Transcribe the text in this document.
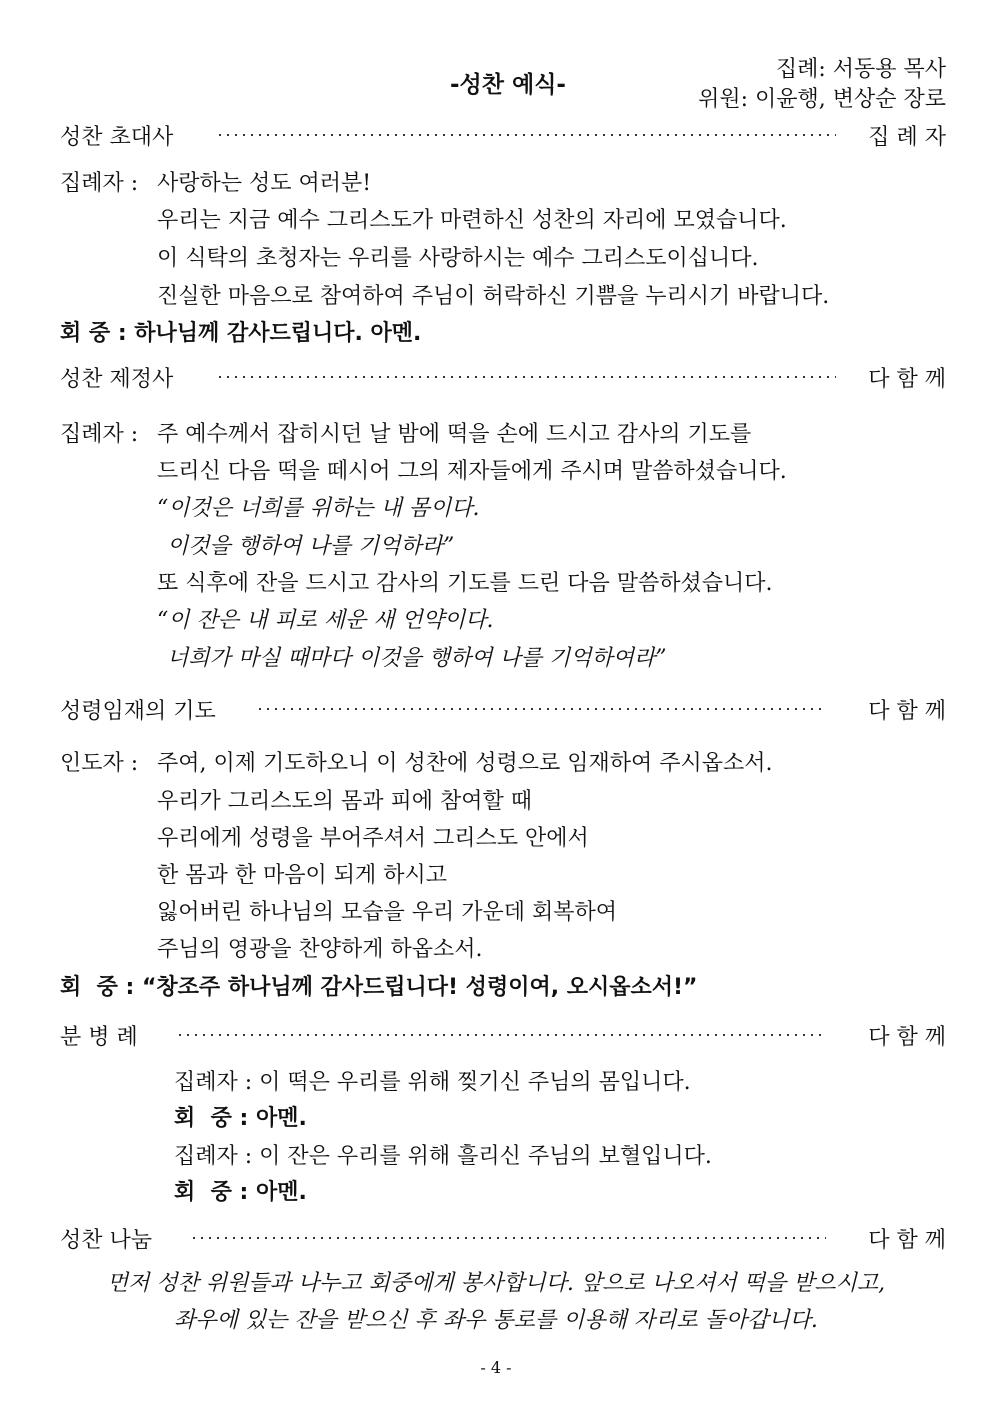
-성찬 예식-
집례: 서동용 목사
위원: 이윤행, 변상순 장로
성찬 초대사	집 례 자
집례자 : 사랑하는 성도 여러분!
우리는 지금 예수 그리스도가 마련하신 성찬의 자리에 모였습니다.
이 식탁의 초청자는 우리를 사랑하시는 예수 그리스도이십니다.
진실한 마음으로 참여하여 주님이 허락하신 기쁨을 누리시기 바랍니다.
회 중 : 하나님께 감사드립니다. 아멘.
성찬 제정사	다 함 께
집례자 : 주 예수께서 잡히시던 날 밤에 떡을 손에 드시고 감사의 기도를
드리신 다음 떡을 떼시어 그의 제자들에게 주시며 말씀하셨습니다.
“이것은 너희를 위하는 내 몸이다.
이것을 행하여 나를 기억하라”
또 식후에 잔을 드시고 감사의 기도를 드린 다음 말씀하셨습니다.
“이 잔은 내 피로 세운 새 언약이다.
너희가 마실 때마다 이것을 행하여 나를 기억하여라”
성령임재의 기도	다 함 께
인도자 : 주여, 이제 기도하오니 이 성찬에 성령으로 임재하여 주시옵소서.
우리가 그리스도의 몸과 피에 참여할 때
우리에게 성령을 부어주셔서 그리스도 안에서
한 몸과 한 마음이 되게 하시고
잃어버린 하나님의 모습을 우리 가운데 회복하여
주님의 영광을 찬양하게 하옵소서.
회  중 : “창조주 하나님께 감사드립니다! 성령이여, 오시옵소서!”
분 병 례	다 함 께
집례자 : 이 떡은 우리를 위해 찢기신 주님의 몸입니다.
회  중 : 아멘.
집례자 : 이 잔은 우리를 위해 흘리신 주님의 보혈입니다.
회  중 : 아멘.
성찬 나눔	다 함 께
먼저 성찬 위원들과 나누고 회중에게 봉사합니다. 앞으로 나오셔서 떡을 받으시고,
좌우에 있는 잔을 받으신 후 좌우 통로를 이용해 자리로 돌아갑니다.
- 4 -
